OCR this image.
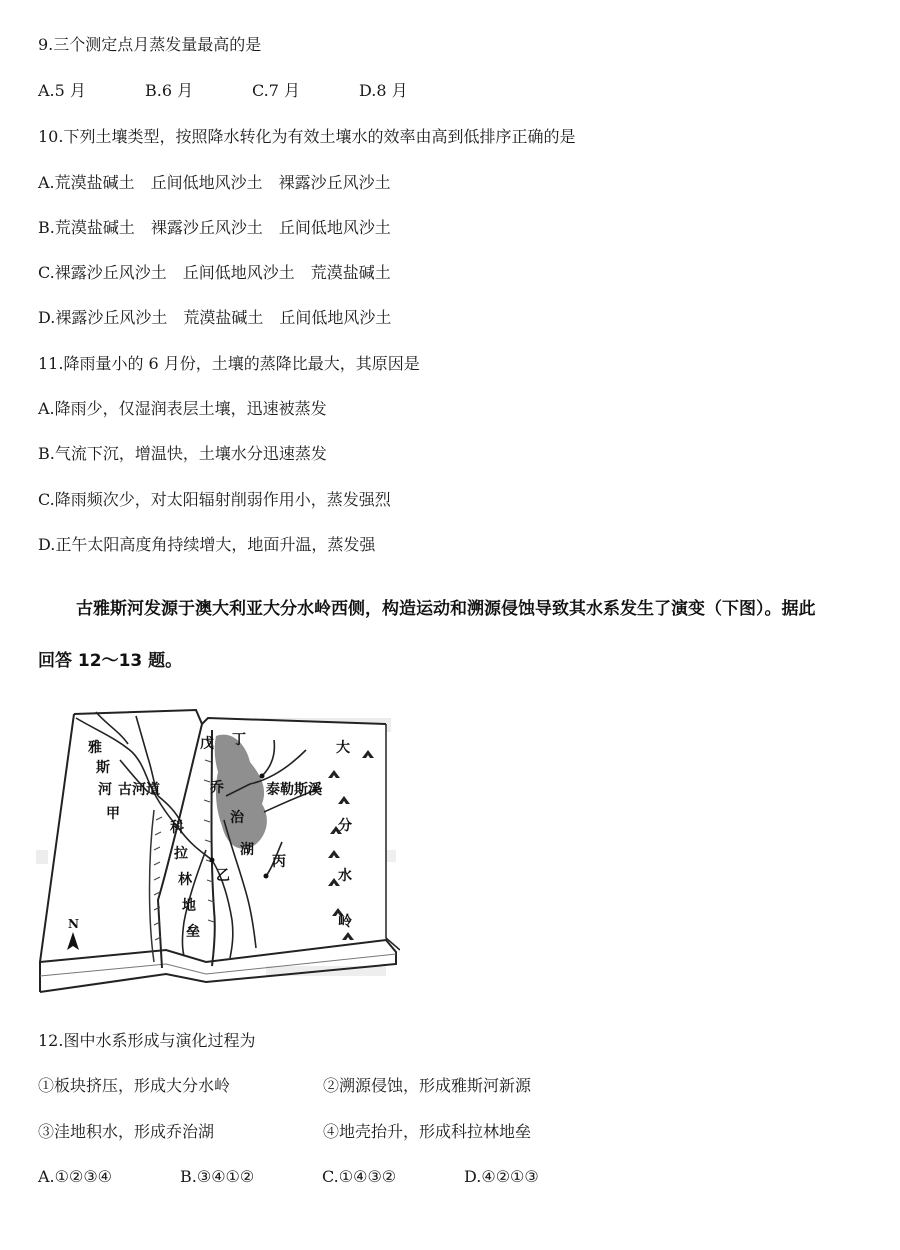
9.三个测定点月蒸发量最高的是
A.5 月	B.6 月	C.7 月	D.8 月
10.下列土壤类型，按照降水转化为有效土壤水的效率由高到低排序正确的是
A.荒漠盐碱土　丘间低地风沙土　裸露沙丘风沙土
B.荒漠盐碱土　裸露沙丘风沙土　丘间低地风沙土
C.裸露沙丘风沙土　丘间低地风沙土　荒漠盐碱土
D.裸露沙丘风沙土　荒漠盐碱土　丘间低地风沙土
11.降雨量小的 6 月份，土壤的蒸降比最大，其原因是
A.降雨少，仅湿润表层土壤，迅速被蒸发
B.气流下沉，增温快，土壤水分迅速蒸发
C.降雨频次少，对太阳辐射削弱作用小，蒸发强烈
D.正午太阳高度角持续增大，地面升温，蒸发强
古雅斯河发源于澳大利亚大分水岭西侧，构造运动和溯源侵蚀导致其水系发生了演变（下图）。据此
回答 12～13 题。
雅
斯
河 古河道
甲
戊 丁
乔	泰勒斯溪
治
湖
丙
乙
科
拉
林
地
垒
大
分
水
岭
N
12.图中水系形成与演化过程为
①板块挤压，形成大分水岭	②溯源侵蚀，形成雅斯河新源
③洼地积水，形成乔治湖	④地壳抬升，形成科拉林地垒
A.①②③④	B.③④①②	C.①④③②	D.④②①③
